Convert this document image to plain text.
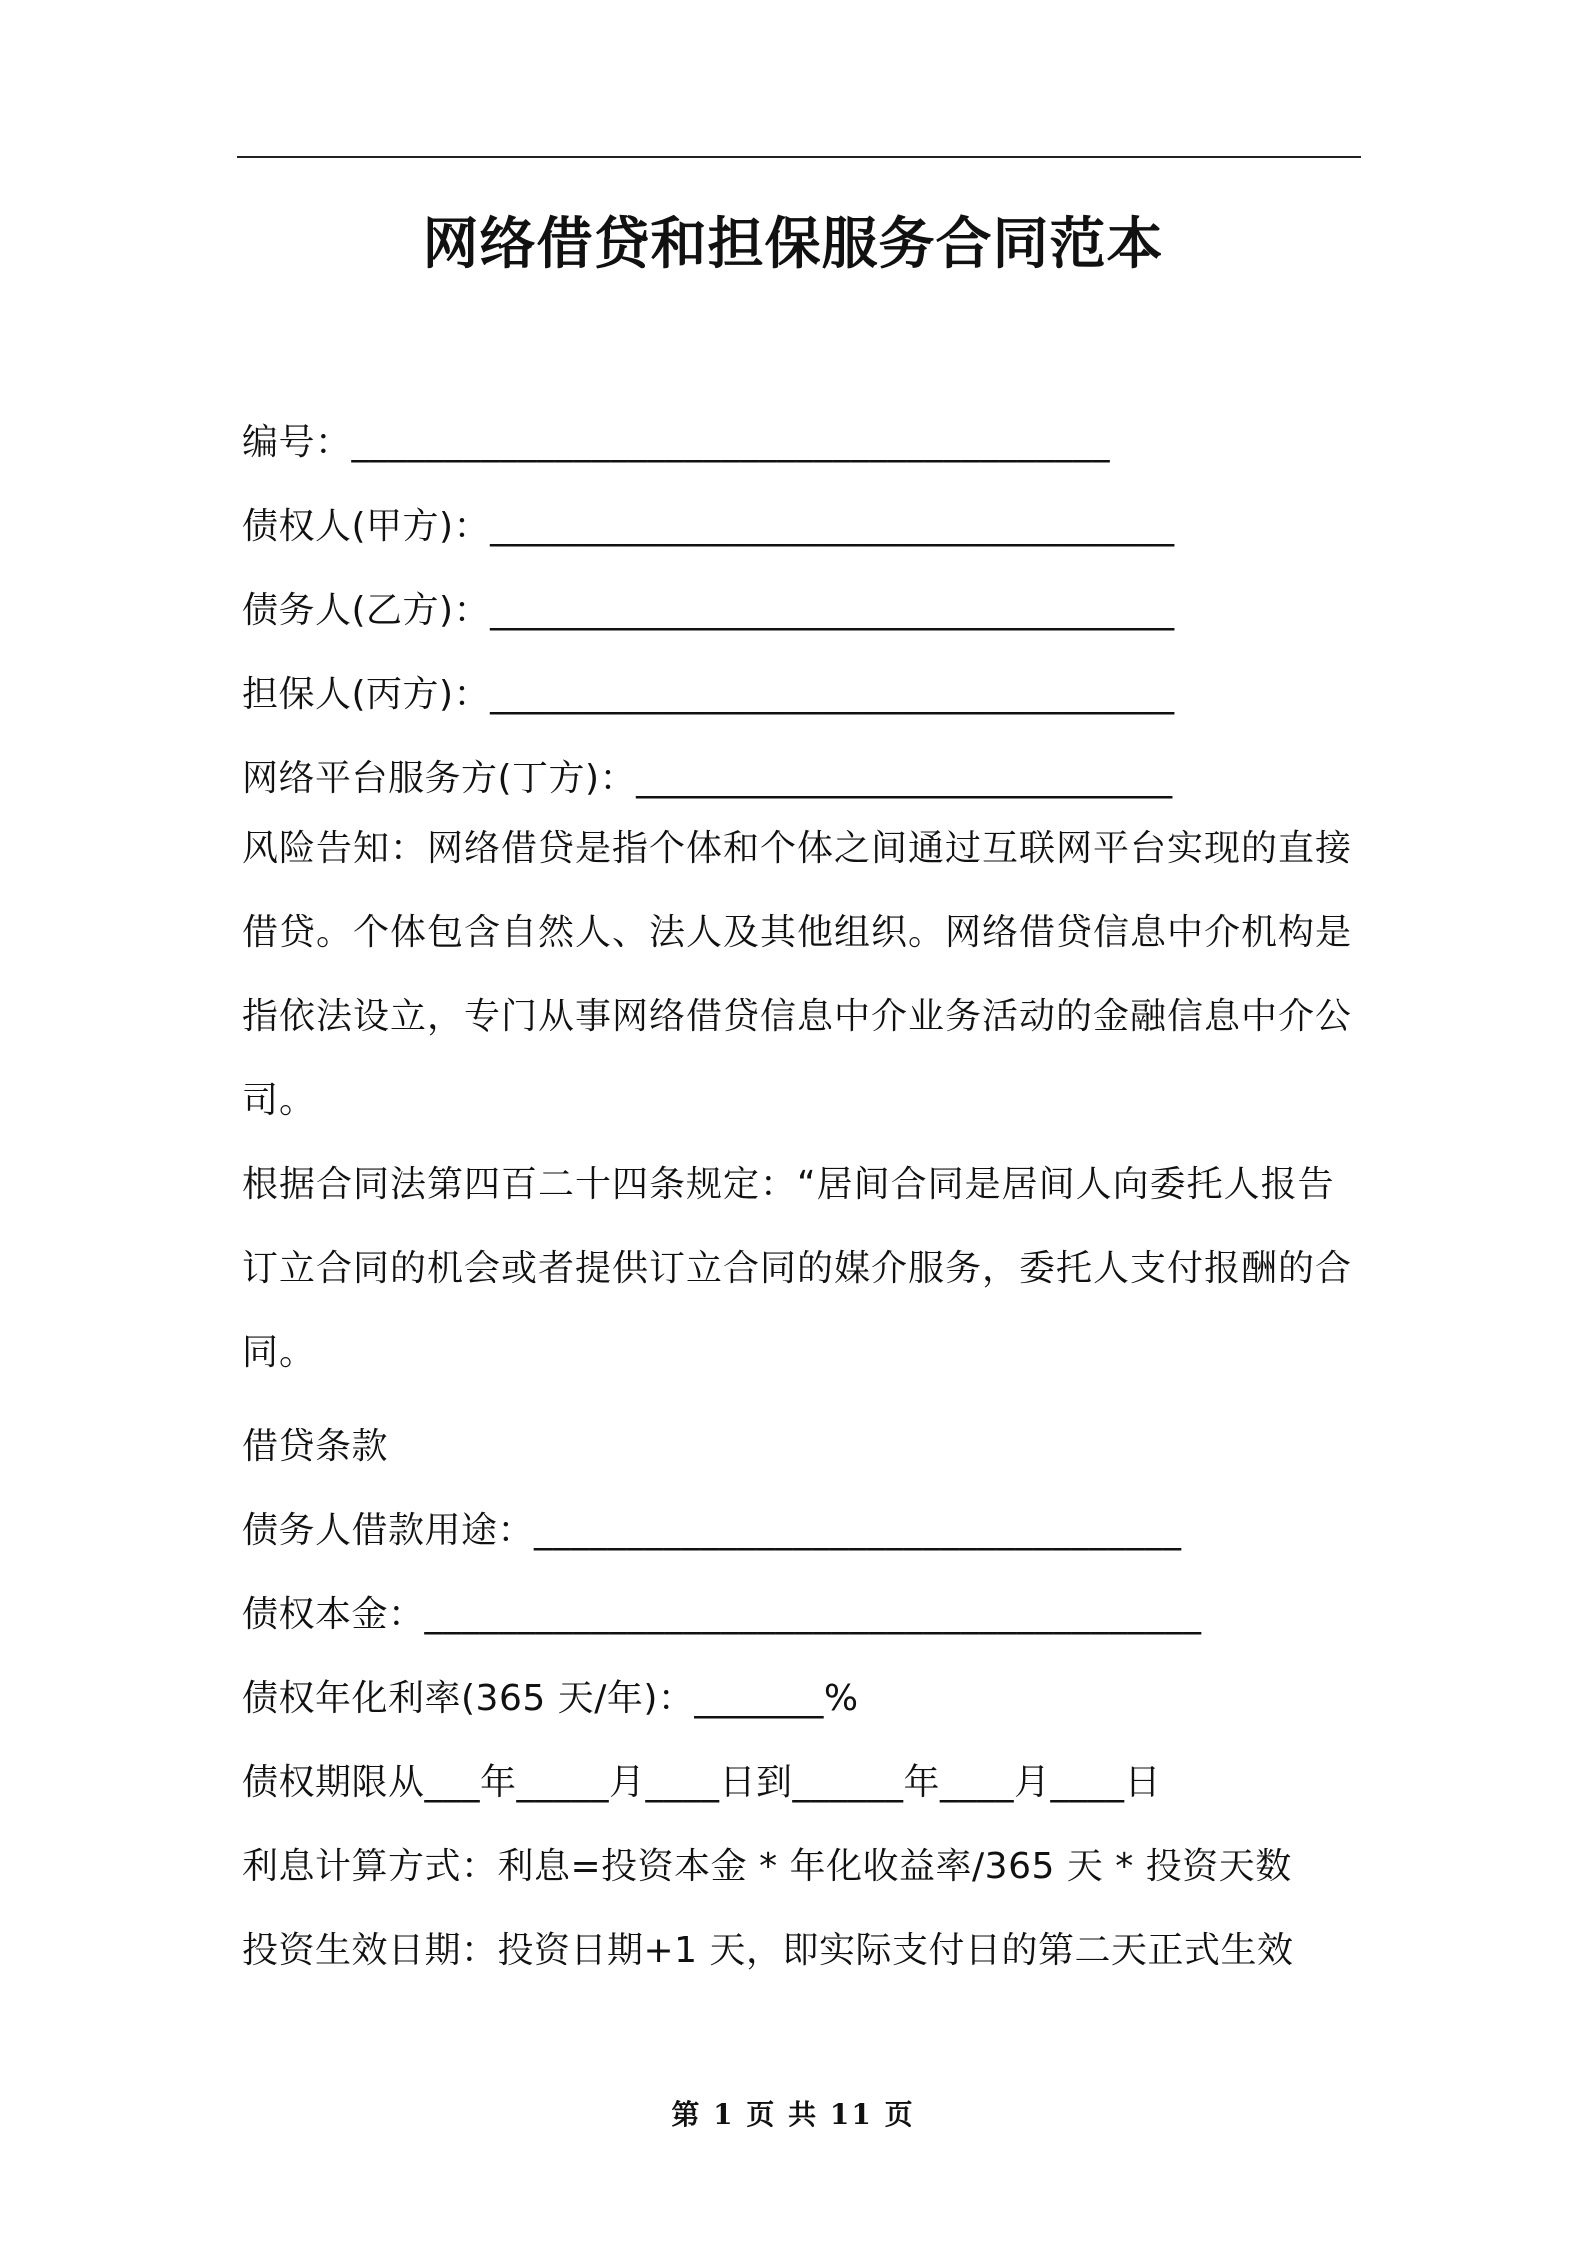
网络借贷和担保服务合同范本
编号：_________________________________________
债权人(甲方)：_____________________________________
债务人(乙方)：_____________________________________
担保人(丙方)：_____________________________________
网络平台服务方(丁方)：_____________________________
风险告知：网络借贷是指个体和个体之间通过互联网平台实现的直接
借贷。个体包含自然人、法人及其他组织。网络借贷信息中介机构是
指依法设立，专门从事网络借贷信息中介业务活动的金融信息中介公
司。
根据合同法第四百二十四条规定：“居间合同是居间人向委托人报告
订立合同的机会或者提供订立合同的媒介服务，委托人支付报酬的合
同。
借贷条款
债务人借款用途：___________________________________
债权本金：__________________________________________
债权年化利率(365 天/年)：_______%
债权期限从___年_____月____日到______年____月____日
利息计算方式：利息=投资本金 * 年化收益率/365 天 * 投资天数
投资生效日期：投资日期+1 天，即实际支付日的第二天正式生效
第 1 页 共 11 页
